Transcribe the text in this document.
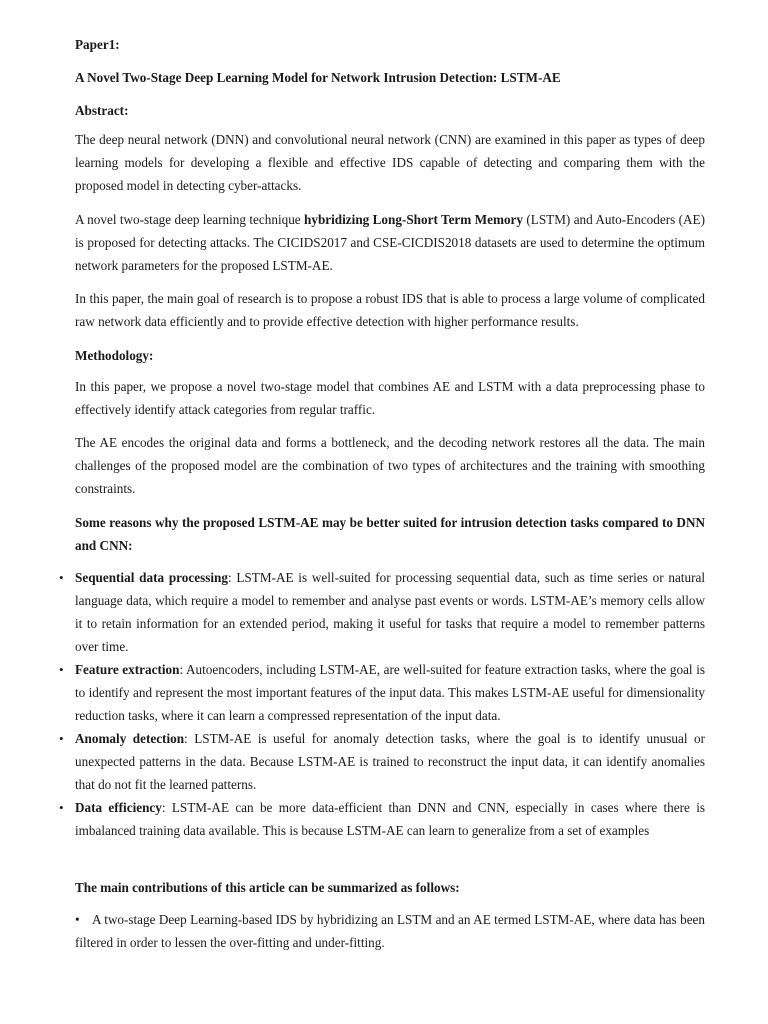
Paper1:
A Novel Two-Stage Deep Learning Model for Network Intrusion Detection: LSTM-AE
Abstract:
The deep neural network (DNN) and convolutional neural network (CNN) are examined in this paper as types of deep learning models for developing a flexible and effective IDS capable of detecting and comparing them with the proposed model in detecting cyber-attacks.
A novel two-stage deep learning technique hybridizing Long-Short Term Memory (LSTM) and Auto-Encoders (AE) is proposed for detecting attacks. The CICIDS2017 and CSE-CICDIS2018 datasets are used to determine the optimum network parameters for the proposed LSTM-AE.
In this paper, the main goal of research is to propose a robust IDS that is able to process a large volume of complicated raw network data efficiently and to provide effective detection with higher performance results.
Methodology:
In this paper, we propose a novel two-stage model that combines AE and LSTM with a data preprocessing phase to effectively identify attack categories from regular traffic.
The AE encodes the original data and forms a bottleneck, and the decoding network restores all the data. The main challenges of the proposed model are the combination of two types of architectures and the training with smoothing constraints.
Some reasons why the proposed LSTM-AE may be better suited for intrusion detection tasks compared to DNN and CNN:
• Sequential data processing: LSTM-AE is well-suited for processing sequential data, such as time series or natural language data, which require a model to remember and analyse past events or words. LSTM-AE’s memory cells allow it to retain information for an extended period, making it useful for tasks that require a model to remember patterns over time.
• Feature extraction: Autoencoders, including LSTM-AE, are well-suited for feature extraction tasks, where the goal is to identify and represent the most important features of the input data. This makes LSTM-AE useful for dimensionality reduction tasks, where it can learn a compressed representation of the input data.
• Anomaly detection: LSTM-AE is useful for anomaly detection tasks, where the goal is to identify unusual or unexpected patterns in the data. Because LSTM-AE is trained to reconstruct the input data, it can identify anomalies that do not fit the learned patterns.
• Data efficiency: LSTM-AE can be more data-efficient than DNN and CNN, especially in cases where there is imbalanced training data available. This is because LSTM-AE can learn to generalize from a set of examples
The main contributions of this article can be summarized as follows:
• A two-stage Deep Learning-based IDS by hybridizing an LSTM and an AE termed LSTM-AE, where data has been filtered in order to lessen the over-fitting and under-fitting.
